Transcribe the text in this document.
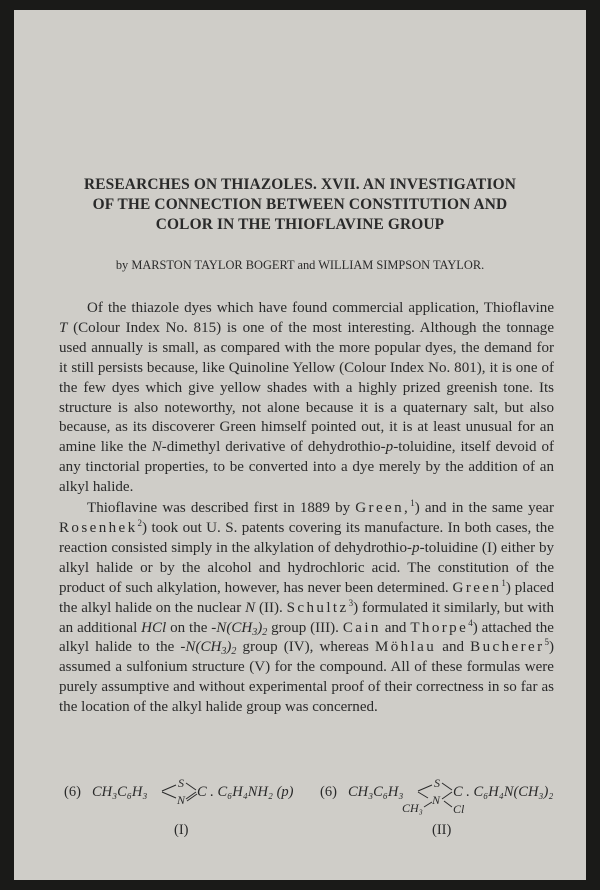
RESEARCHES ON THIAZOLES. XVII. AN INVESTIGATION
OF THE CONNECTION BETWEEN CONSTITUTION AND
COLOR IN THE THIOFLAVINE GROUP
by MARSTON TAYLOR BOGERT and WILLIAM SIMPSON TAYLOR.

Of the thiazole dyes which have found commercial application, Thioflavine T (Colour Index No. 815) is one of the most interesting. Although the tonnage used annually is small, as compared with the more popular dyes, the demand for it still persists because, like Quinoline Yellow (Colour Index No. 801), it is one of the few dyes which give yellow shades with a highly prized greenish tone. Its structure is also noteworthy, not alone because it is a quaternary salt, but also because, as its discoverer Green himself pointed out, it is at least unusual for an amine like the N-dimethyl derivative of dehydrothio-p-toluidine, itself devoid of any tinctorial properties, to be converted into a dye merely by the addition of an alkyl halide.

Thioflavine was described first in 1889 by Green,$^1$) and in the same year Rosenhek$^2$) took out U. S. patents covering its manufacture. In both cases, the reaction consisted simply in the alkylation of dehydrothio-p-toluidine (I) either by alkyl halide or by the alcohol and hydrochloric acid. The constitution of the product of such alkylation, however, has never been determined. Green$^1$) placed the alkyl halide on the nuclear N (II). Schultz$^3$) formulated it similarly, but with an additional HCl on the $-N(CH_3)_2$ group (III). Cain and Thorpe$^4$) attached the alkyl halide to the $-N(CH_3)_2$ group (IV), whereas Möhlau and Bucherer$^5$) assumed a sulfonium structure (V) for the compound. All of these formulas were purely assumptive and without experimental proof of their correctness in so far as the location of the alkyl halide group was concerned.

(6) CH₃C₆H₃
S
N C . C₆H₄NH₂ (p)
(I)
(6) CH₃C₆H₃
S
N
CH₃
C . C₆H₄N(CH₃)₂
Cl
(II)
